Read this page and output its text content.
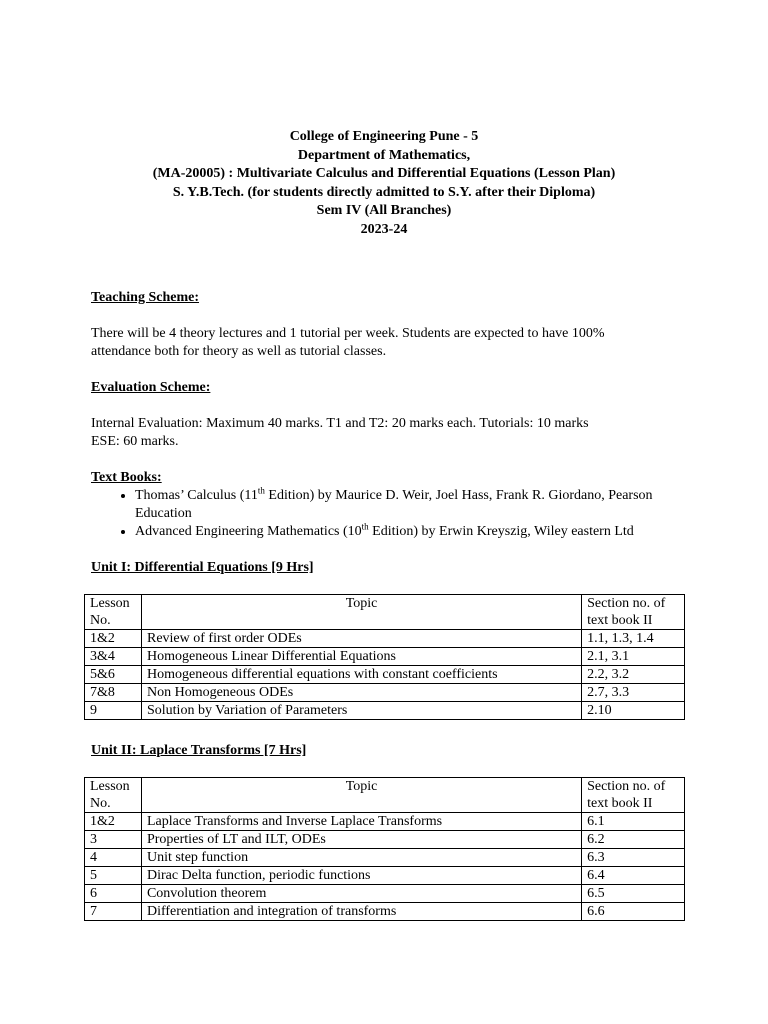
College of Engineering Pune - 5
Department of Mathematics,
(MA-20005) : Multivariate Calculus and Differential Equations (Lesson Plan)
S. Y.B.Tech. (for students directly admitted to S.Y. after their Diploma)
Sem IV (All Branches)
2023-24

Teaching Scheme:

There will be 4 theory lectures and 1 tutorial per week. Students are expected to have 100% attendance both for theory as well as tutorial classes.

Evaluation Scheme:

Internal Evaluation: Maximum 40 marks. T1 and T2: 20 marks each. Tutorials: 10 marks

ESE: 60 marks.

Text Books:

• Thomas’ Calculus (11th Edition) by Maurice D. Weir, Joel Hass, Frank R. Giordano, Pearson Education
• Advanced Engineering Mathematics (10th Edition) by Erwin Kreyszig, Wiley eastern Ltd
Unit I: Differential Equations [9 Hrs]
Lesson No.	Topic	Section no. of text book II
1&2	Review of first order ODEs	1.1, 1.3, 1.4
3&4	Homogeneous Linear Differential Equations	2.1, 3.1
5&6	Homogeneous differential equations with constant coefficients	2.2, 3.2
7&8	Non Homogeneous ODEs	2.7, 3.3
9	Solution by Variation of Parameters	2.10
Unit II: Laplace Transforms [7 Hrs]
Lesson No.	Topic	Section no. of text book II
1&2	Laplace Transforms and Inverse Laplace Transforms	6.1
3	Properties of LT and ILT, ODEs	6.2
4	Unit step function	6.3
5	Dirac Delta function, periodic functions	6.4
6	Convolution theorem	6.5
7	Differentiation and integration of transforms	6.6
